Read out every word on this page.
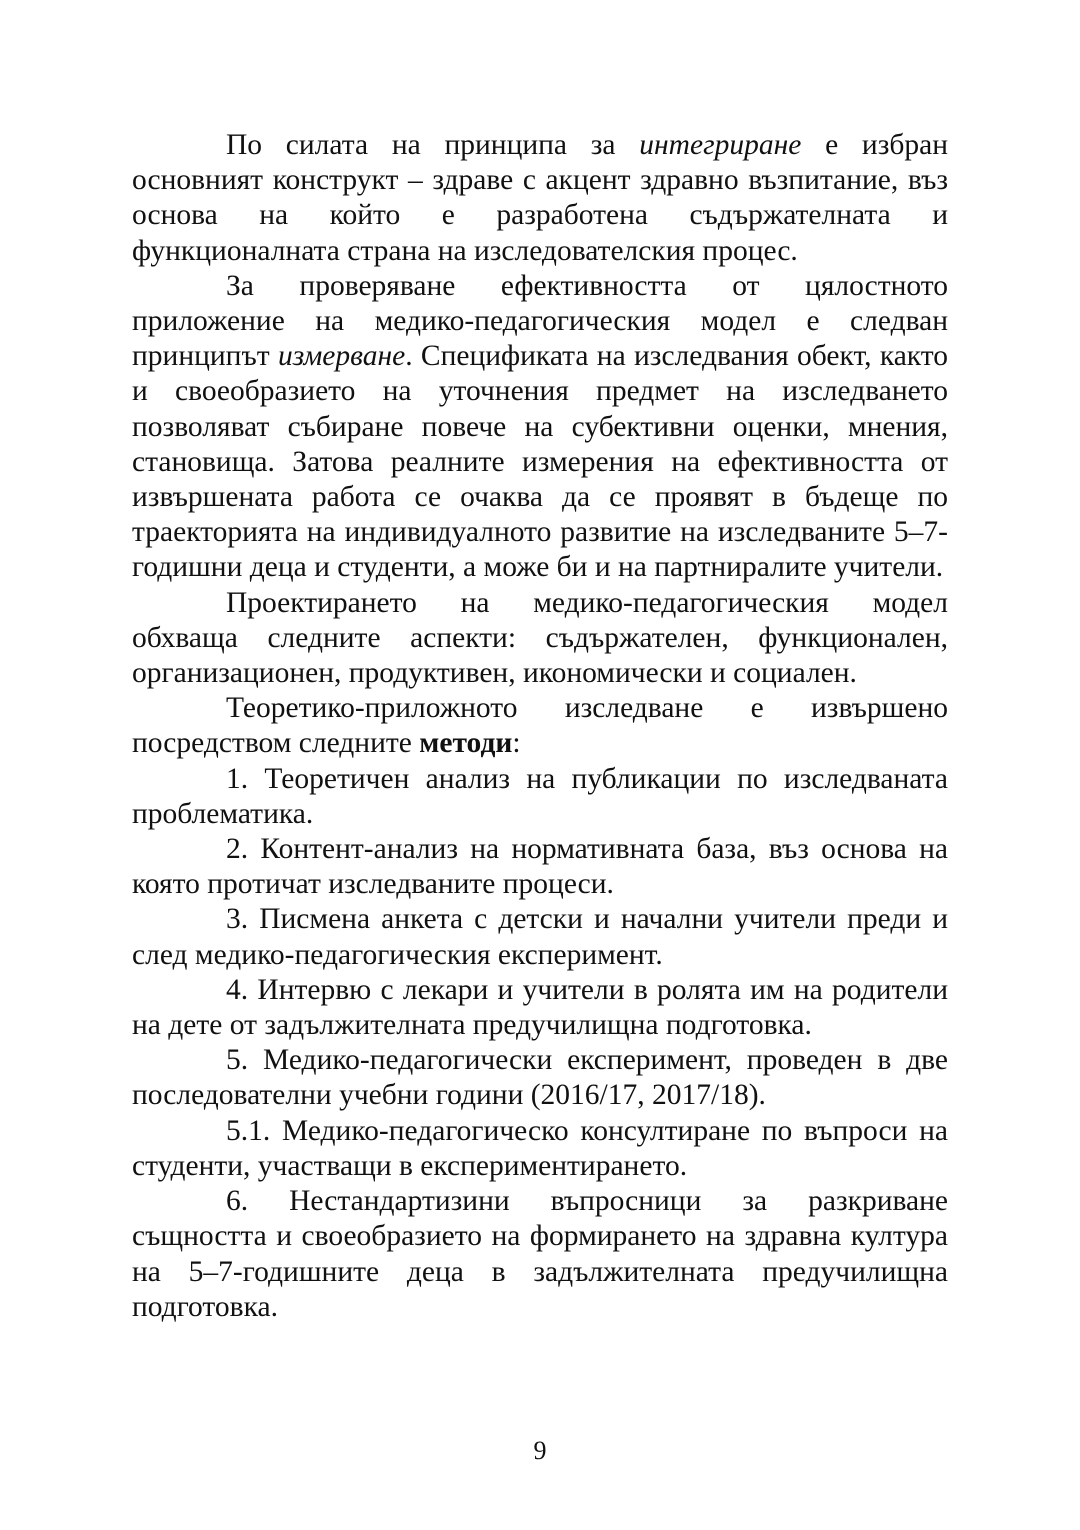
По силата на принципа за интегриране е избран основният конструкт – здраве с акцент здравно възпитание, въз основа на който е разработена съдържателната и функционалната страна на изследователския процес.

За проверяване ефективността от цялостното приложение на медико-педагогическия модел е следван принципът измерване. Спецификата на изследвания обект, както и своеобразието на уточнения предмет на изследването позволяват събиране повече на субективни оценки, мнения, становища. Затова реалните измерения на ефективността от извършената работа се очаква да се проявят в бъдеще по траекторията на индивидуалното развитие на изследваните 5–7-годишни деца и студенти, а може би и на партниралите учители.

Проектирането на медико-педагогическия модел обхваща следните аспекти: съдържателен, функционален, организационен, продуктивен, икономически и социален.

Теоретико-приложното изследване е извършено посредством следните методи:

1. Теоретичен анализ на публикации по изследваната проблематика.

2. Контент-анализ на нормативната база, въз основа на която протичат изследваните процеси.

3. Писмена анкета с детски и начални учители преди и след медико-педагогическия експеримент.

4. Интервю с лекари и учители в ролята им на родители на дете от задължителната предучилищна подготовка.

5. Медико-педагогически експеримент, проведен в две последователни учебни години (2016/17, 2017/18).

5.1. Медико-педагогическо консултиране по въпроси на студенти, участващи в експериментирането.

6. Нестандартизини въпросници за разкриване същността и своеобразието на формирането на здравна култура на 5–7-годишните деца в задължителната предучилищна подготовка.

9
